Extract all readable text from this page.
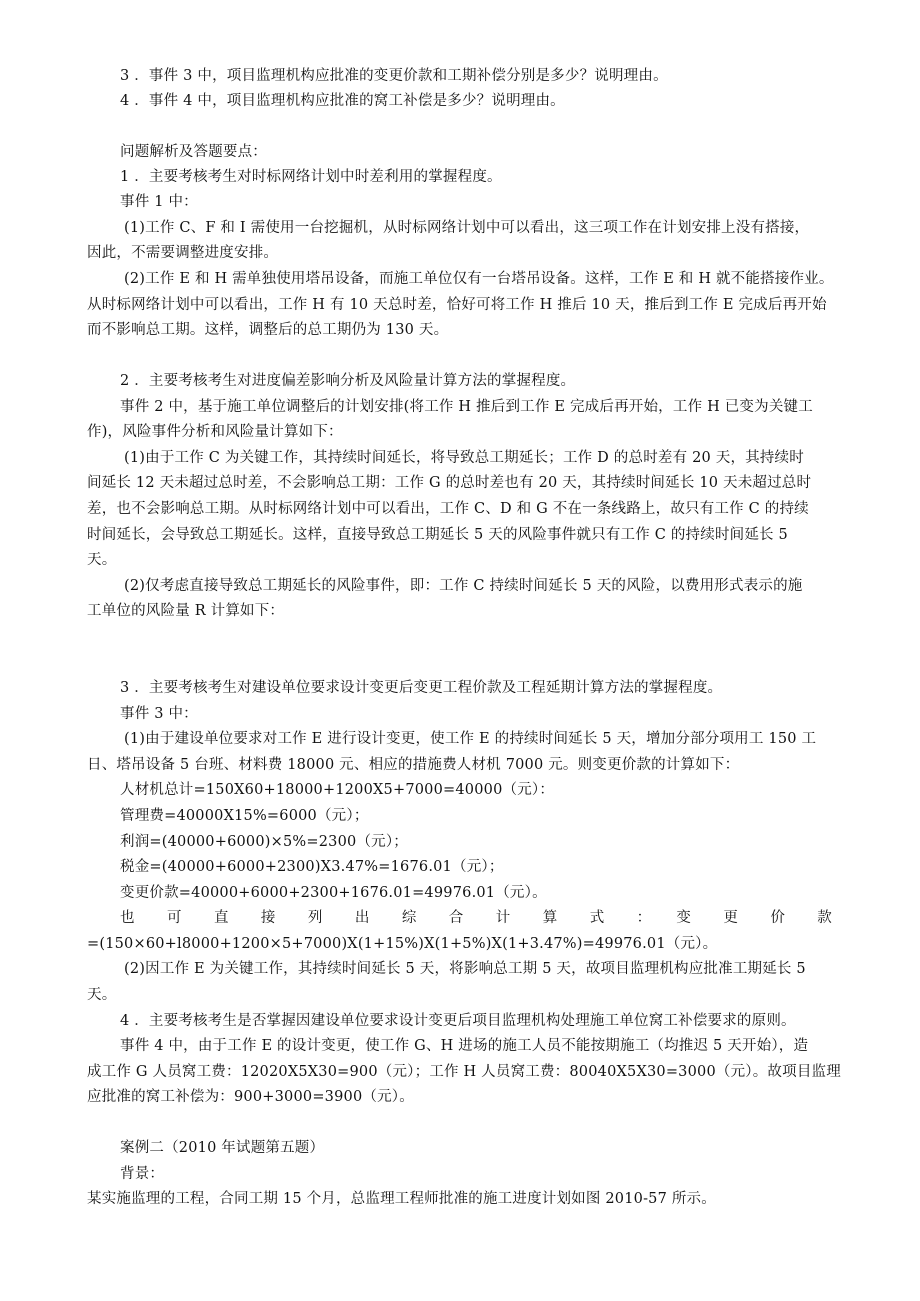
3 ．事件 3 中，项目监理机构应批准的变更价款和工期补偿分别是多少？说明理由。
4 ．事件 4 中，项目监理机构应批准的窝工补偿是多少？说明理由。
问题解析及答题要点：
1 ．主要考核考生对时标网络计划中时差利用的掌握程度。
事件 1 中：
(1)工作 C、F 和 I 需使用一台挖掘机，从时标网络计划中可以看出，这三项工作在计划安排上没有搭接，
因此，不需要调整进度安排。
(2)工作 E 和 H 需单独使用塔吊设备，而施工单位仅有一台塔吊设备。这样，工作 E 和 H 就不能搭接作业。
从时标网络计划中可以看出，工作 H 有 10 天总时差，恰好可将工作 H 推后 10 天，推后到工作 E 完成后再开始
而不影响总工期。这样，调整后的总工期仍为 130 天。
2 ．主要考核考生对进度偏差影响分析及风险量计算方法的掌握程度。
事件 2 中，基于施工单位调整后的计划安排(将工作 H 推后到工作 E 完成后再开始，工作 H 已变为关键工
作)，风险事件分析和风险量计算如下：
(1)由于工作 C 为关键工作，其持续时间延长，将导致总工期延长；工作 D 的总时差有 20 天，其持续时
间延长 12 天未超过总时差，不会影响总工期：工作 G 的总时差也有 20 天，其持续时间延长 10 天未超过总时
差，也不会影响总工期。从时标网络计划中可以看出，工作 C、D 和 G 不在一条线路上，故只有工作 C 的持续
时间延长，会导致总工期延长。这样，直接导致总工期延长 5 天的风险事件就只有工作 C 的持续时间延长 5
天。
(2)仅考虑直接导致总工期延长的风险事件，即：工作 C 持续时间延长 5 天的风险，以费用形式表示的施
工单位的风险量 R 计算如下：
3 ．主要考核考生对建设单位要求设计变更后变更工程价款及工程延期计算方法的掌握程度。
事件 3 中：
(1)由于建设单位要求对工作 E 进行设计变更，使工作 E 的持续时间延长 5 天，增加分部分项用工 150 工
日、塔吊设备 5 台班、材料费 18000 元、相应的措施费人材机 7000 元。则变更价款的计算如下：
人材机总计=150X60+18000+1200X5+7000=40000（元）：
管理费=40000X15%=6000（元）；
利润=(40000+6000)×5%=2300（元）；
税金=(40000+6000+2300)X3.47%=1676.01（元）；
变更价款=40000+6000+2300+1676.01=49976.01（元）。
也　可　直　接　列　出　综　合　计　算　式　：　变　更　价　款
=(150×60+l8000+1200×5+7000)X(1+15%)X(1+5%)X(1+3.47%)=49976.01（元）。
(2)因工作 E 为关键工作，其持续时间延长 5 天，将影响总工期 5 天，故项目监理机构应批准工期延长 5
天。
4 ．主要考核考生是否掌握因建设单位要求设计变更后项目监理机构处理施工单位窝工补偿要求的原则。
事件 4 中，由于工作 E 的设计变更，使工作 G、H 进场的施工人员不能按期施工（均推迟 5 天开始），造
成工作 G 人员窝工费：12020X5X30=900（元）；工作 H 人员窝工费：80040X5X30=3000（元）。故项目监理
应批准的窝工补偿为：900+3000=3900（元）。
案例二（2010 年试题第五题）
背景：
某实施监理的工程，合同工期 15 个月，总监理工程师批准的施工进度计划如图 2010-57 所示。
